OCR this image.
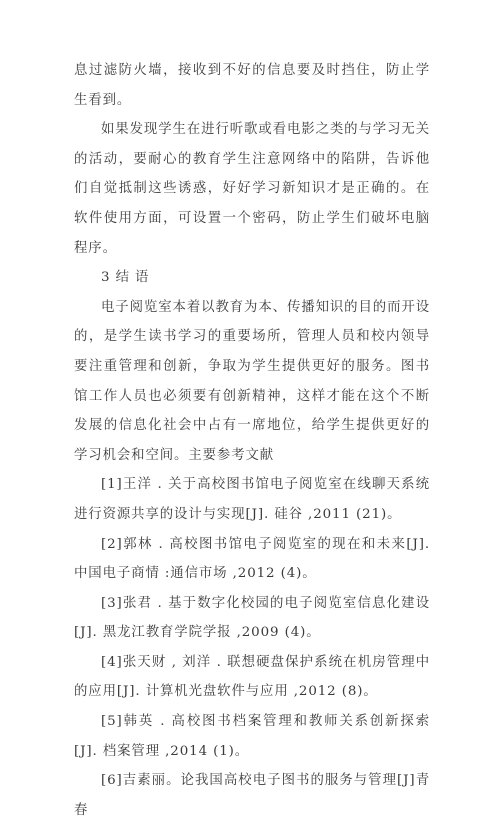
息过滤防火墙，接收到不好的信息要及时挡住，防止学生看到。

如果发现学生在进行听歌或看电影之类的与学习无关的活动，要耐心的教育学生注意网络中的陷阱，告诉他们自觉抵制这些诱惑，好好学习新知识才是正确的。在软件使用方面，可设置一个密码，防止学生们破坏电脑程序。

3 结 语

电子阅览室本着以教育为本、传播知识的目的而开设的，是学生读书学习的重要场所，管理人员和校内领导要注重管理和创新，争取为学生提供更好的服务。图书馆工作人员也必须要有创新精神，这样才能在这个不断发展的信息化社会中占有一席地位，给学生提供更好的学习机会和空间。主要参考文献

[1]王洋 . 关于高校图书馆电子阅览室在线聊天系统进行资源共享的设计与实现[J]. 硅谷 ,2011 (21)。

[2]郭林 . 高校图书馆电子阅览室的现在和未来[J]. 中国电子商情 :通信市场 ,2012 (4)。

[3]张君 . 基于数字化校园的电子阅览室信息化建设[J]. 黑龙江教育学院学报 ,2009 (4)。

[4]张天财 , 刘洋 . 联想硬盘保护系统在机房管理中的应用[J]. 计算机光盘软件与应用 ,2012 (8)。

[5]韩英 . 高校图书档案管理和教师关系创新探索[J]. 档案管理 ,2014 (1)。

[6]吉素丽。论我国高校电子图书的服务与管理[J]青春
